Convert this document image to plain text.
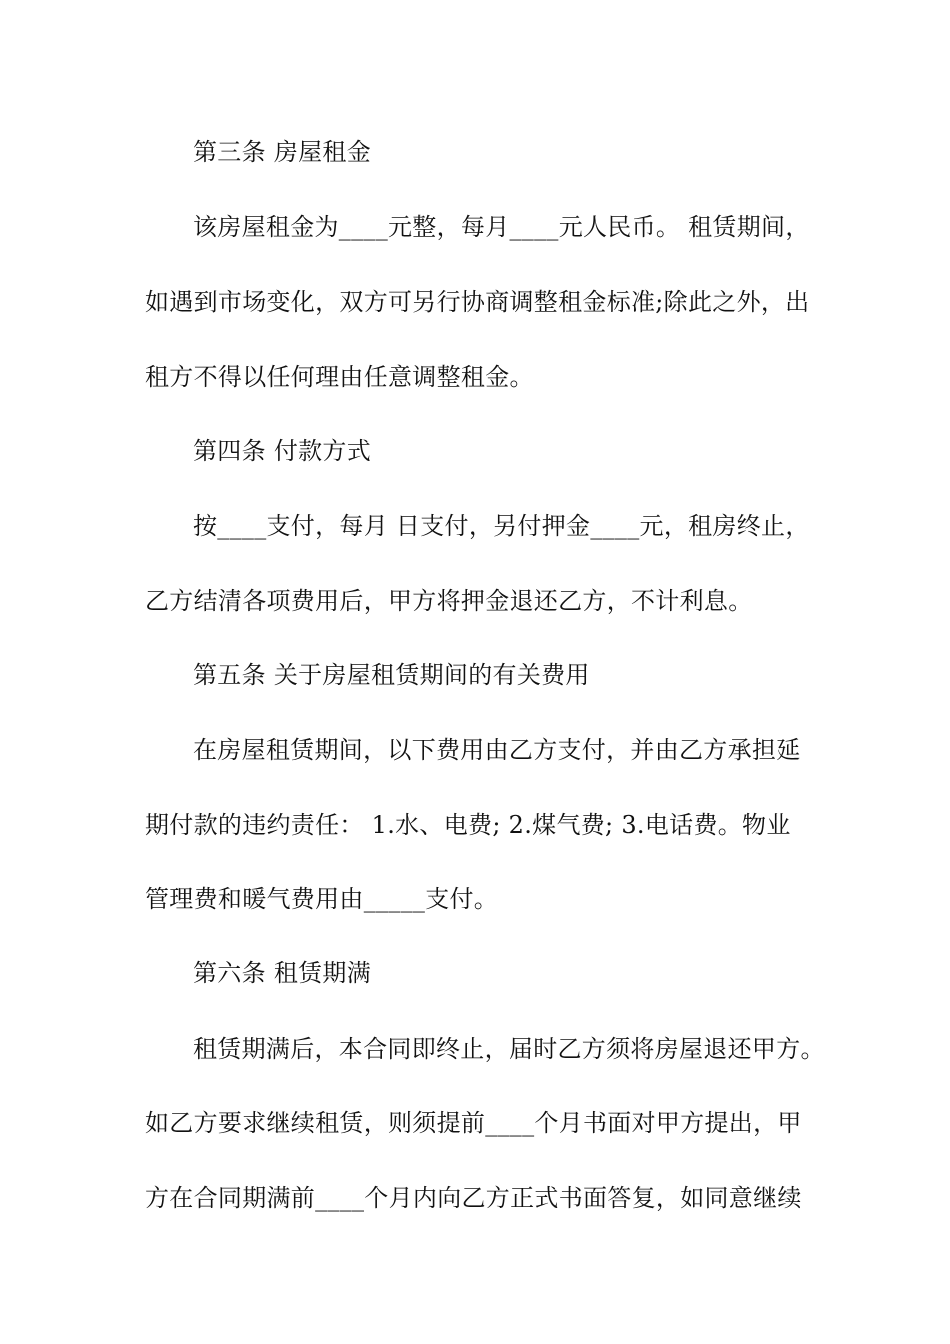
第三条 房屋租金
该房屋租金为____元整，每月____元人民币。 租赁期间，
如遇到市场变化，双方可另行协商调整租金标准;除此之外，出
租方不得以任何理由任意调整租金。
第四条 付款方式
按____支付，每月 日支付，另付押金____元，租房终止，
乙方结清各项费用后，甲方将押金退还乙方，不计利息。
第五条 关于房屋租赁期间的有关费用
在房屋租赁期间，以下费用由乙方支付，并由乙方承担延
期付款的违约责任： 1.水、电费; 2.煤气费; 3.电话费。物业
管理费和暖气费用由_____支付。
第六条 租赁期满
租赁期满后，本合同即终止，届时乙方须将房屋退还甲方。
如乙方要求继续租赁，则须提前____个月书面对甲方提出，甲
方在合同期满前____个月内向乙方正式书面答复，如同意继续
